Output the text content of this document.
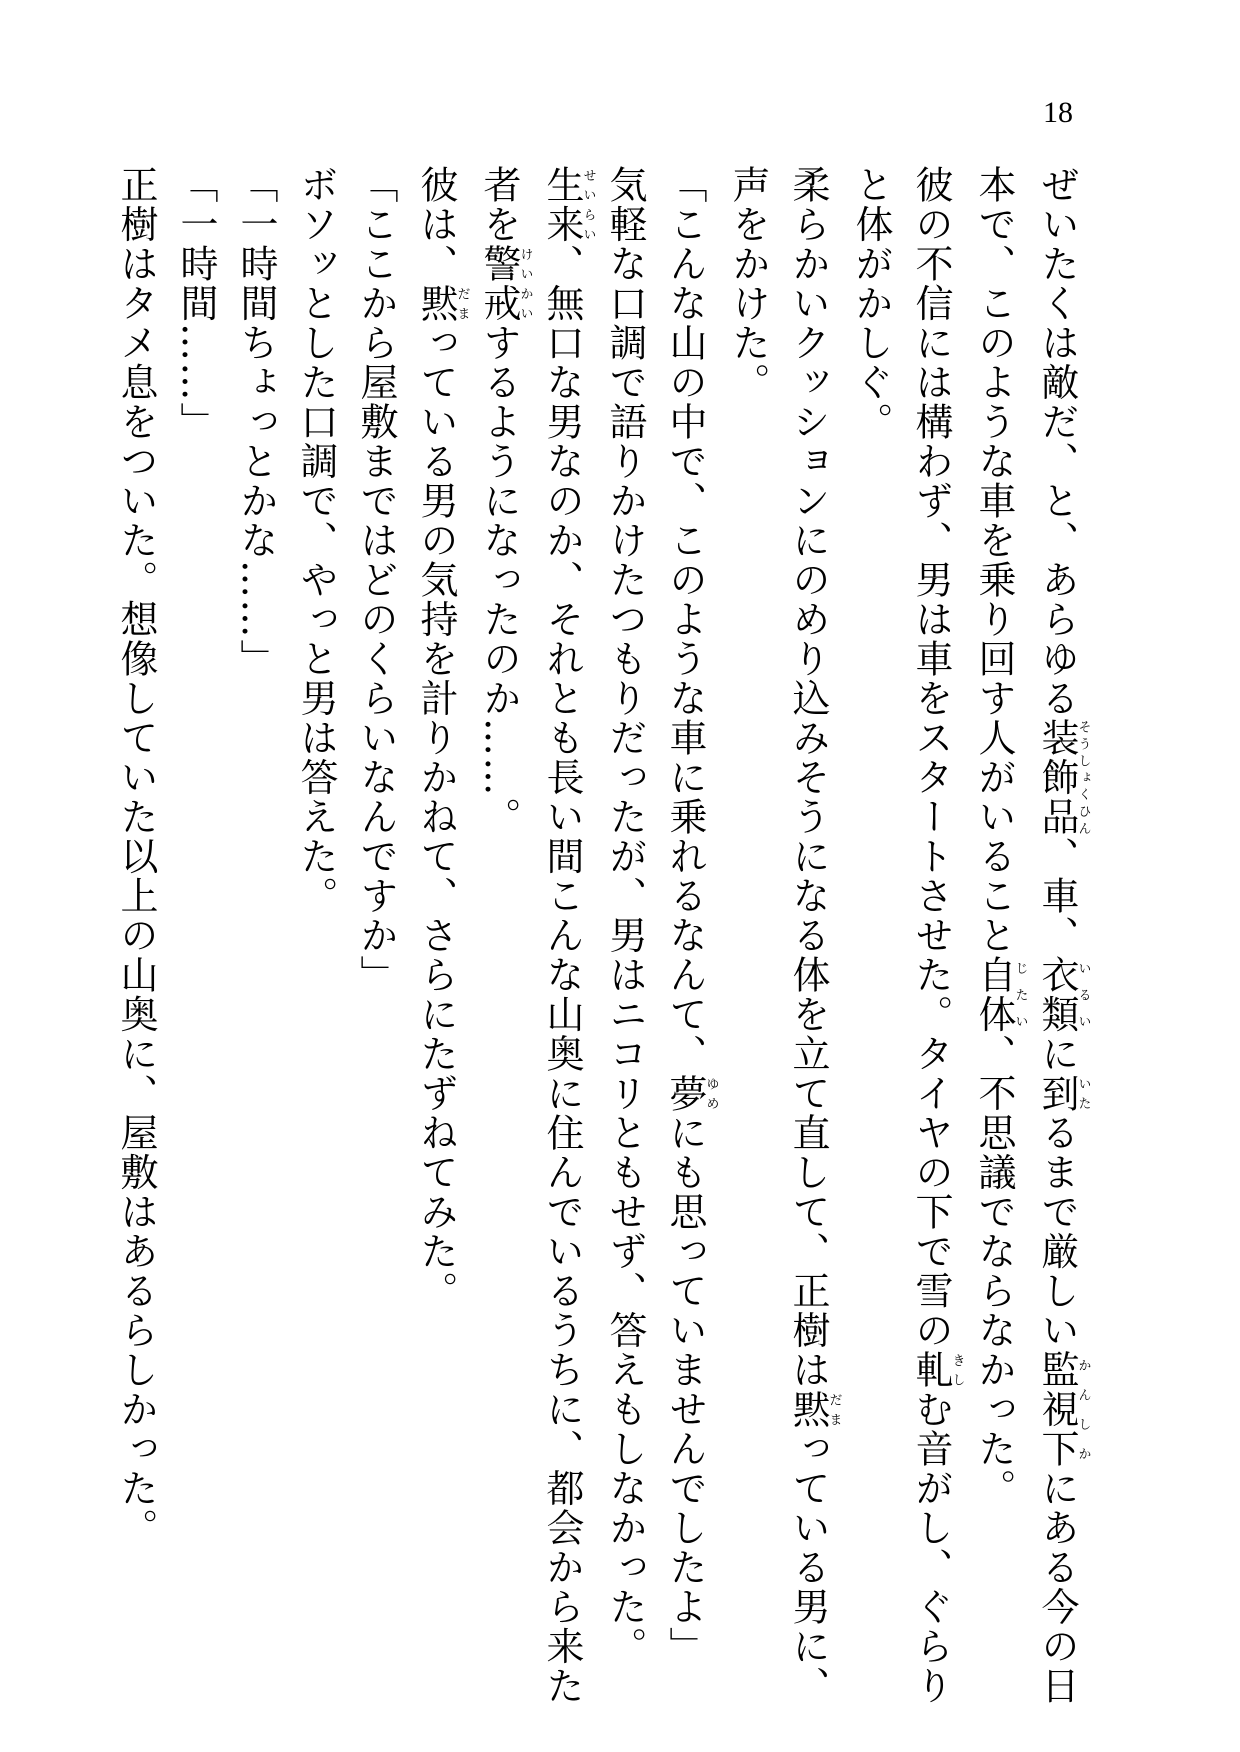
18
ぜいたくは敵だ、と、あらゆる装飾品そうしょくひん、車、衣類いるいに到いたるまで厳しい監視下かんしかにある今の日
本で、このような車を乗り回す人がいること自体じたい、不思議でならなかった。
彼の不信には構わず、男は車をスタートさせた。タイヤの下で雪の軋きしむ音がし、ぐらり
と体がかしぐ。
柔らかいクッションにのめり込みそうになる体を立て直して、正樹は黙だまっている男に、
声をかけた。
「こんな山の中で、このような車に乗れるなんて、夢ゆめにも思っていませんでしたよ」
気軽な口調で語りかけたつもりだったが、男はニコリともせず、答えもしなかった。
生来せいらい、無口な男なのか、それとも長い間こんな山奥に住んでいるうちに、都会から来た
者を警戒けいかいするようになったのか……。
彼は、黙だまっている男の気持を計りかねて、さらにたずねてみた。
「ここから屋敷まではどのくらいなんですか」
ボソッとした口調で、やっと男は答えた。
「一時間ちょっとかな……」
「一時間……」
正樹はタメ息をついた。想像していた以上の山奥に、屋敷はあるらしかった。
